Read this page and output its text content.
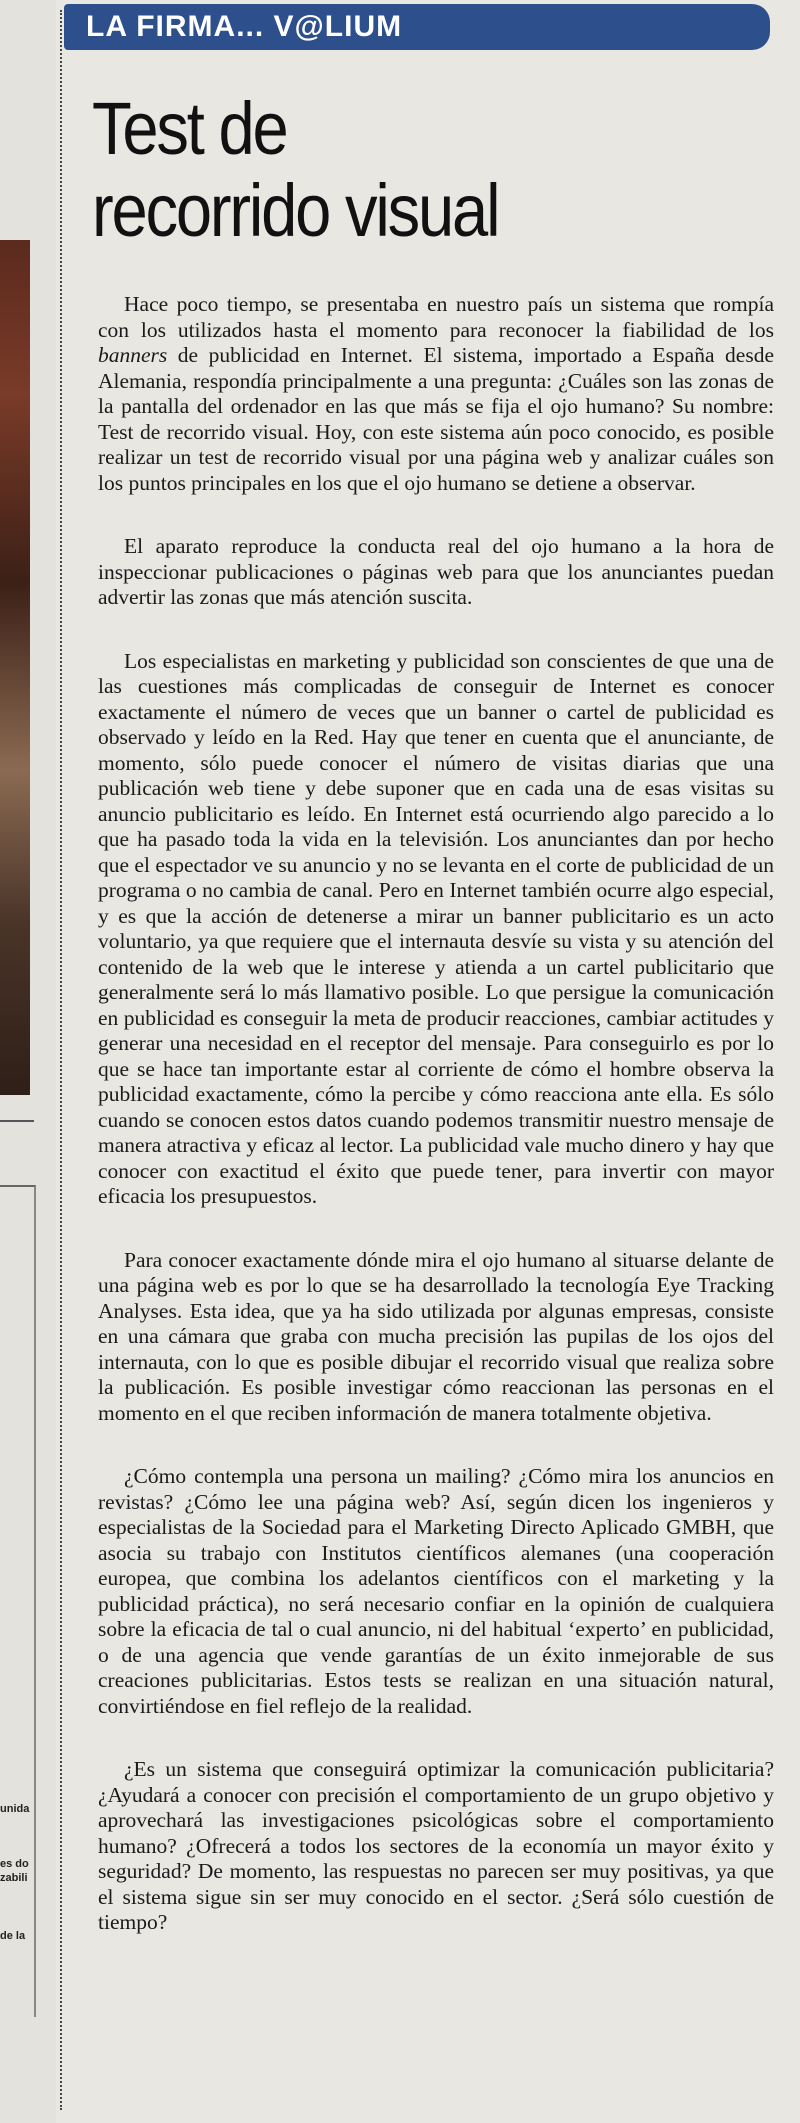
unida
es do
zabili
de la
LA FIRMA... V@LIUM
Test de
recorrido visual

Hace poco tiempo, se presentaba en nuestro país un sistema que rompía con los utilizados hasta el momento para reconocer la fiabilidad de los banners de publicidad en Internet. El sistema, importado a España desde Alemania, respondía principalmente a una pregunta: ¿Cuáles son las zonas de la pantalla del ordenador en las que más se fija el ojo humano? Su nombre: Test de recorrido visual. Hoy, con este sistema aún poco conocido, es posible realizar un test de recorrido visual por una página web y analizar cuáles son los puntos principales en los que el ojo humano se detiene a observar.

El aparato reproduce la conducta real del ojo humano a la hora de inspeccionar publicaciones o páginas web para que los anunciantes puedan advertir las zonas que más atención suscita.

Los especialistas en marketing y publicidad son conscientes de que una de las cuestiones más complicadas de conseguir de Internet es conocer exactamente el número de veces que un banner o cartel de publicidad es observado y leído en la Red. Hay que tener en cuenta que el anunciante, de momento, sólo puede conocer el número de visitas diarias que una publicación web tiene y debe suponer que en cada una de esas visitas su anuncio publicitario es leído. En Internet está ocurriendo algo parecido a lo que ha pasado toda la vida en la televisión. Los anunciantes dan por hecho que el espectador ve su anuncio y no se levanta en el corte de publicidad de un programa o no cambia de canal. Pero en Internet también ocurre algo especial, y es que la acción de detenerse a mirar un banner publicitario es un acto voluntario, ya que requiere que el internauta desvíe su vista y su atención del contenido de la web que le interese y atienda a un cartel publicitario que generalmente será lo más llamativo posible. Lo que persigue la comunicación en publicidad es conseguir la meta de producir reacciones, cambiar actitudes y generar una necesidad en el receptor del mensaje. Para conseguirlo es por lo que se hace tan importante estar al corriente de cómo el hombre observa la publicidad exactamente, cómo la percibe y cómo reacciona ante ella. Es sólo cuando se conocen estos datos cuando podemos transmitir nuestro mensaje de manera atractiva y eficaz al lector. La publicidad vale mucho dinero y hay que conocer con exactitud el éxito que puede tener, para invertir con mayor eficacia los presupuestos.

Para conocer exactamente dónde mira el ojo humano al situarse delante de una página web es por lo que se ha desarrollado la tecnología Eye Tracking Analyses. Esta idea, que ya ha sido utilizada por algunas empresas, consiste en una cámara que graba con mucha precisión las pupilas de los ojos del internauta, con lo que es posible dibujar el recorrido visual que realiza sobre la publicación. Es posible investigar cómo reaccionan las personas en el momento en el que reciben información de manera totalmente objetiva.

¿Cómo contempla una persona un mailing? ¿Cómo mira los anuncios en revistas? ¿Cómo lee una página web? Así, según dicen los ingenieros y especialistas de la Sociedad para el Marketing Directo Aplicado GMBH, que asocia su trabajo con Institutos científicos alemanes (una cooperación europea, que combina los adelantos científicos con el marketing y la publicidad práctica), no será necesario confiar en la opinión de cualquiera sobre la eficacia de tal o cual anuncio, ni del habitual ‘experto’ en publicidad, o de una agencia que vende garantías de un éxito inmejorable de sus creaciones publicitarias. Estos tests se realizan en una situación natural, convirtiéndose en fiel reflejo de la realidad.

¿Es un sistema que conseguirá optimizar la comunicación publicitaria? ¿Ayudará a conocer con precisión el comportamiento de un grupo objetivo y aprovechará las investigaciones psicológicas sobre el comportamiento humano? ¿Ofrecerá a todos los sectores de la economía un mayor éxito y seguridad? De momento, las respuestas no parecen ser muy positivas, ya que el sistema sigue sin ser muy conocido en el sector. ¿Será sólo cuestión de tiempo?
